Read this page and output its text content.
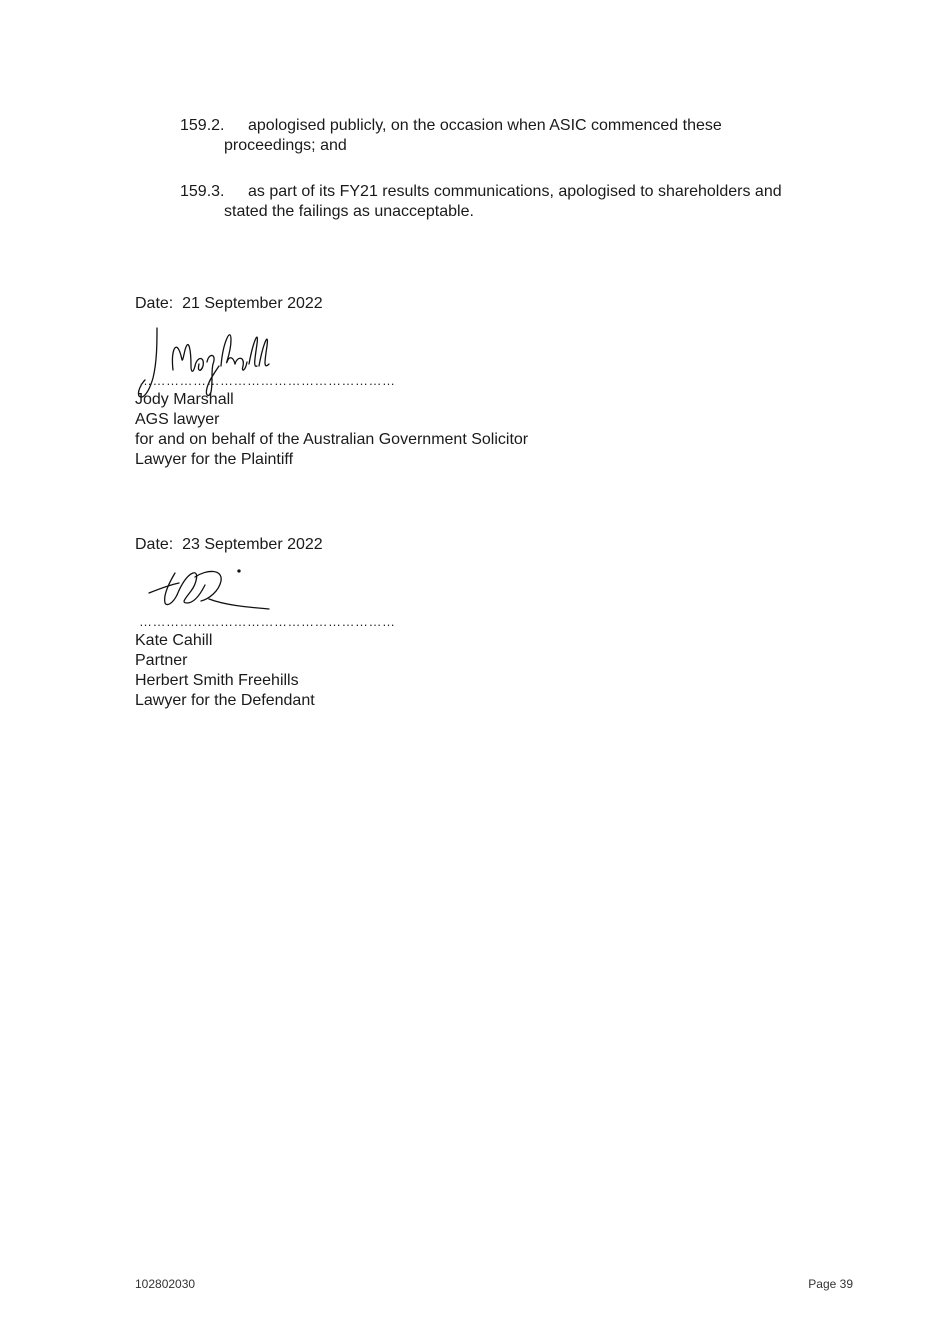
159.2. apologised publicly, on the occasion when ASIC commenced these
proceedings; and
159.3. as part of its FY21 results communications, apologised to shareholders and
stated the failings as unacceptable.
Date: 21 September 2022
…………………………………………………
Jody Marshall
AGS lawyer
for and on behalf of the Australian Government Solicitor
Lawyer for the Plaintiff
Date: 23 September 2022
…………………………………………………
Kate Cahill
Partner
Herbert Smith Freehills
Lawyer for the Defendant
102802030	Page 39
